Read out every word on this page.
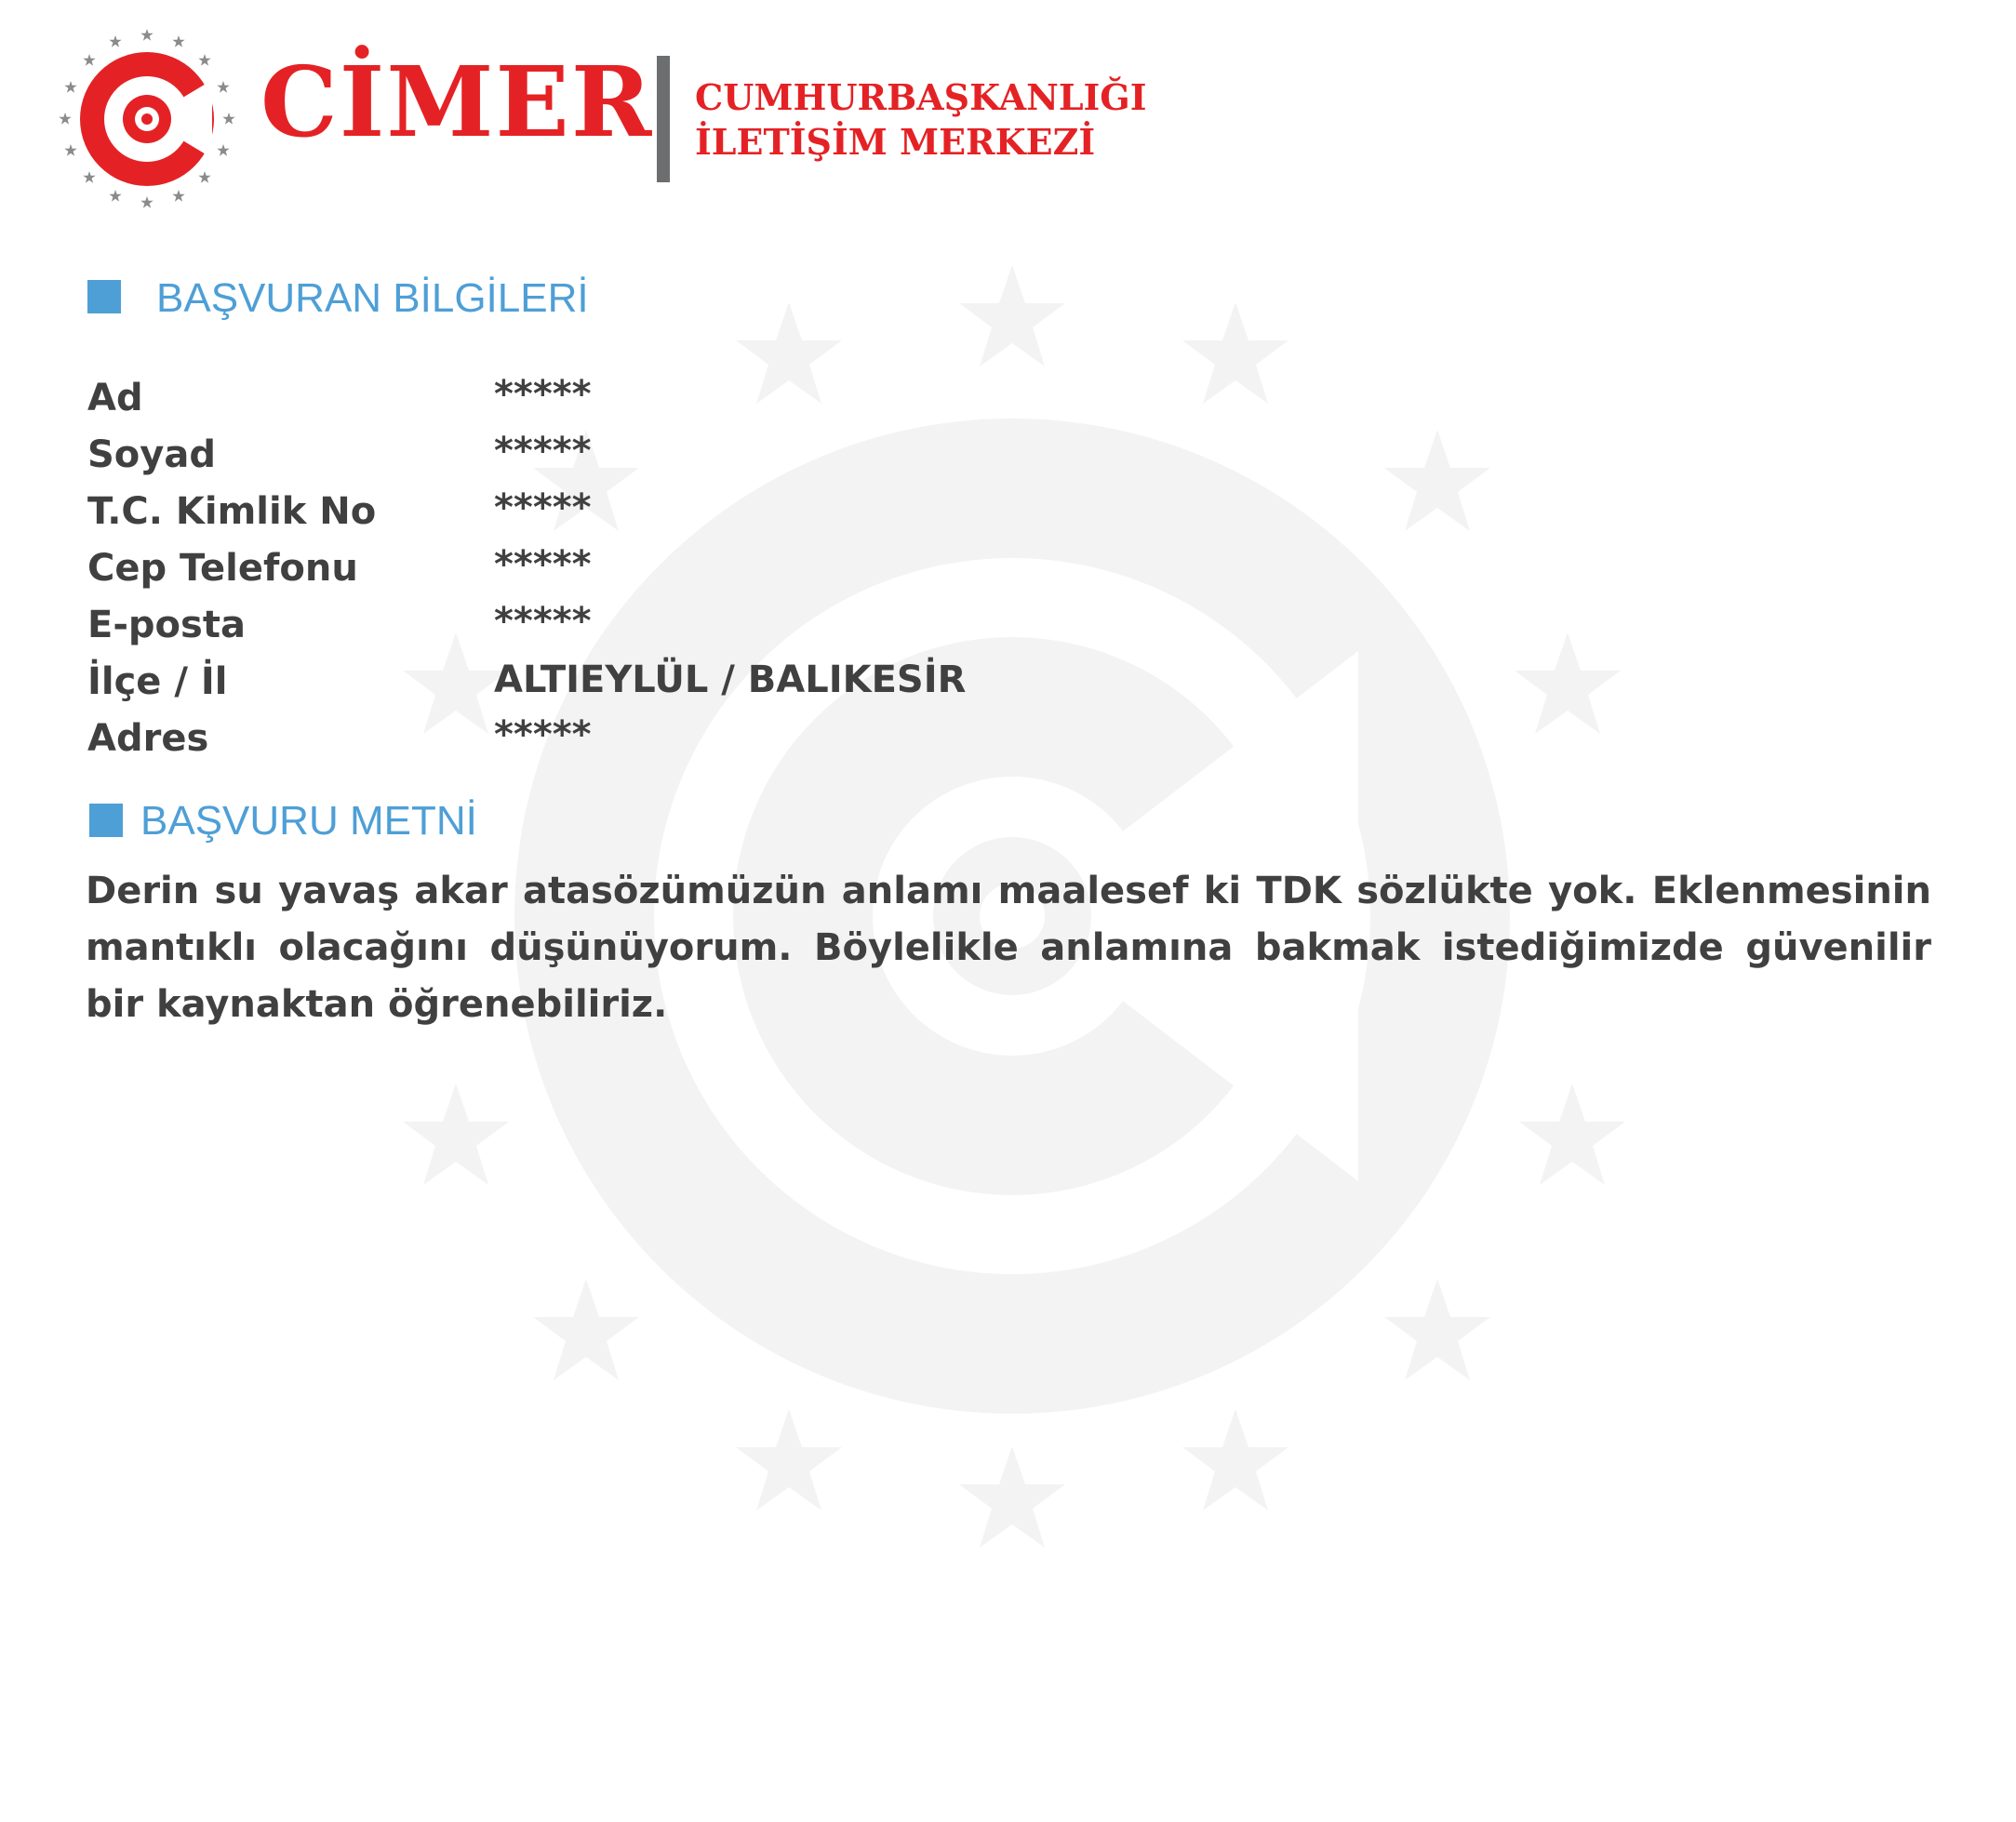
CİMER CUMHURBAŞKANLIĞI
İLETİŞİM MERKEZİ
BAŞVURAN BİLGİLERİ
Ad	*****
Soyad	*****
T.C. Kimlik No	*****
Cep Telefonu	*****
E-posta	*****
İlçe / İl	ALTIEYLÜL / BALIKESİR
Adres	*****
BAŞVURU METNİ

Derin su yavaş akar atasözümüzün anlamı maalesef ki TDK sözlükte yok. Eklenmesinin mantıklı olacağını düşünüyorum. Böylelikle anlamına bakmak istediğimizde güvenilir bir kaynaktan öğrenebiliriz.
